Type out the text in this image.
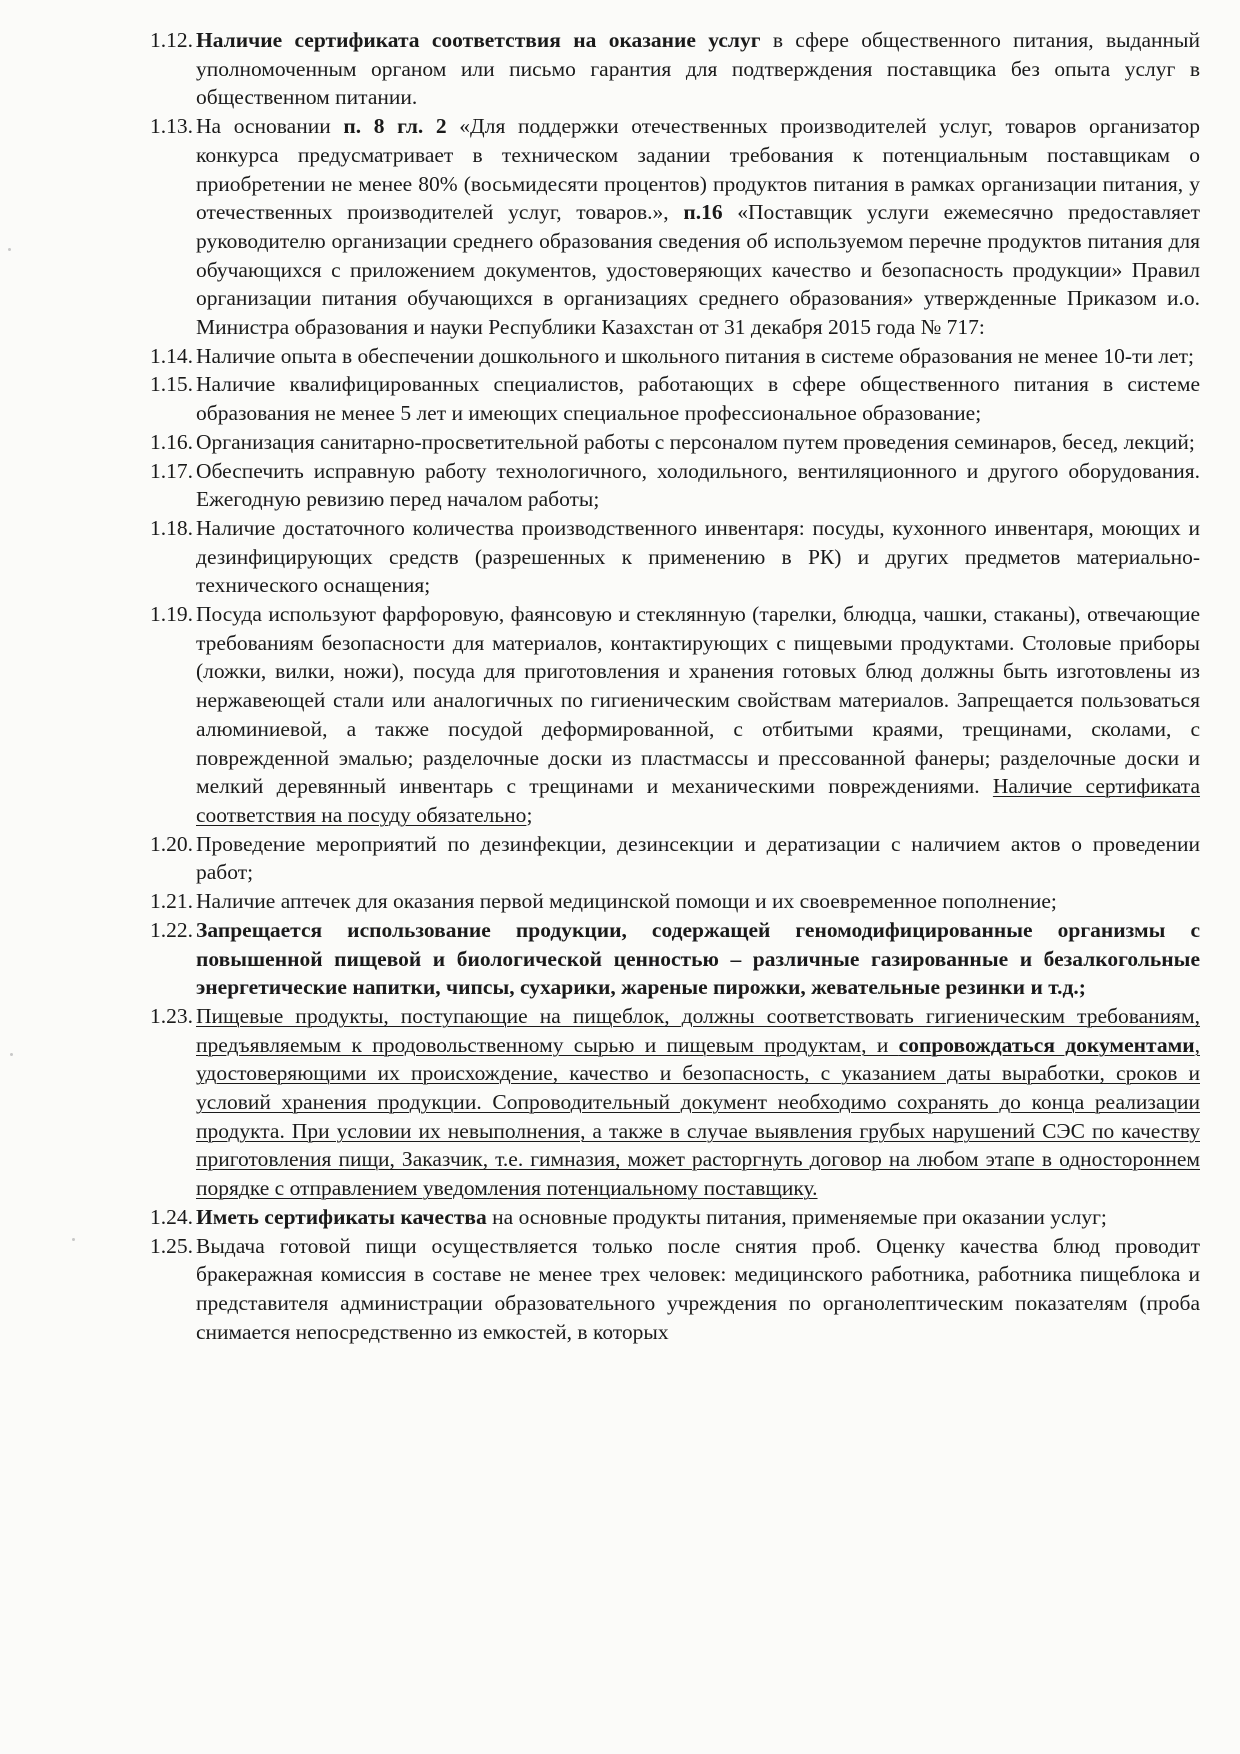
1.12. Наличие сертификата соответствия на оказание услуг в сфере общественного питания, выданный уполномоченным органом или письмо гарантия для подтверждения поставщика без опыта услуг в общественном питании.

1.13. На основании п. 8 гл. 2 «Для поддержки отечественных производителей услуг, товаров организатор конкурса предусматривает в техническом задании требования к потенциальным поставщикам о приобретении не менее 80% (восьмидесяти процентов) продуктов питания в рамках организации питания, у отечественных производителей услуг, товаров.», п.16 «Поставщик услуги ежемесячно предоставляет руководителю организации среднего образования сведения об используемом перечне продуктов питания для обучающихся с приложением документов, удостоверяющих качество и безопасность продукции» Правил организации питания обучающихся в организациях среднего образования» утвержденные Приказом и.о. Министра образования и науки Республики Казахстан от 31 декабря 2015 года № 717:

1.14. Наличие опыта в обеспечении дошкольного и школьного питания в системе образования не менее 10-ти лет;

1.15. Наличие квалифицированных специалистов, работающих в сфере общественного питания в системе образования не менее 5 лет и имеющих специальное профессиональное образование;

1.16. Организация санитарно-просветительной работы с персоналом путем проведения семинаров, бесед, лекций;

1.17. Обеспечить исправную работу технологичного, холодильного, вентиляционного и другого оборудования. Ежегодную ревизию перед началом работы;

1.18. Наличие достаточного количества производственного инвентаря: посуды, кухонного инвентаря, моющих и дезинфицирующих средств (разрешенных к применению в РК) и других предметов материально-технического оснащения;

1.19. Посуда используют фарфоровую, фаянсовую и стеклянную (тарелки, блюдца, чашки, стаканы), отвечающие требованиям безопасности для материалов, контактирующих с пищевыми продуктами. Столовые приборы (ложки, вилки, ножи), посуда для приготовления и хранения готовых блюд должны быть изготовлены из нержавеющей стали или аналогичных по гигиеническим свойствам материалов. Запрещается пользоваться алюминиевой, а также посудой деформированной, с отбитыми краями, трещинами, сколами, с поврежденной эмалью; разделочные доски из пластмассы и прессованной фанеры; разделочные доски и мелкий деревянный инвентарь с трещинами и механическими повреждениями. Наличие сертификата соответствия на посуду обязательно;

1.20. Проведение мероприятий по дезинфекции, дезинсекции и дератизации с наличием актов о проведении работ;

1.21. Наличие аптечек для оказания первой медицинской помощи и их своевременное пополнение;

1.22. Запрещается использование продукции, содержащей геномодифицированные организмы с повышенной пищевой и биологической ценностью – различные газированные и безалкогольные энергетические напитки, чипсы, сухарики, жареные пирожки, жевательные резинки и т.д.;

1.23. Пищевые продукты, поступающие на пищеблок, должны соответствовать гигиеническим требованиям, предъявляемым к продовольственному сырью и пищевым продуктам, и сопровождаться документами, удостоверяющими их происхождение, качество и безопасность, с указанием даты выработки, сроков и условий хранения продукции. Сопроводительный документ необходимо сохранять до конца реализации продукта. При условии их невыполнения, а также в случае выявления грубых нарушений СЭС по качеству приготовления пищи, Заказчик, т.е. гимназия, может расторгнуть договор на любом этапе в одностороннем порядке с отправлением уведомления потенциальному поставщику.

1.24. Иметь сертификаты качества на основные продукты питания, применяемые при оказании услуг;

1.25. Выдача готовой пищи осуществляется только после снятия проб. Оценку качества блюд проводит бракеражная комиссия в составе не менее трех человек: медицинского работника, работника пищеблока и представителя администрации образовательного учреждения по органолептическим показателям (проба снимается непосредственно из емкостей, в которых
